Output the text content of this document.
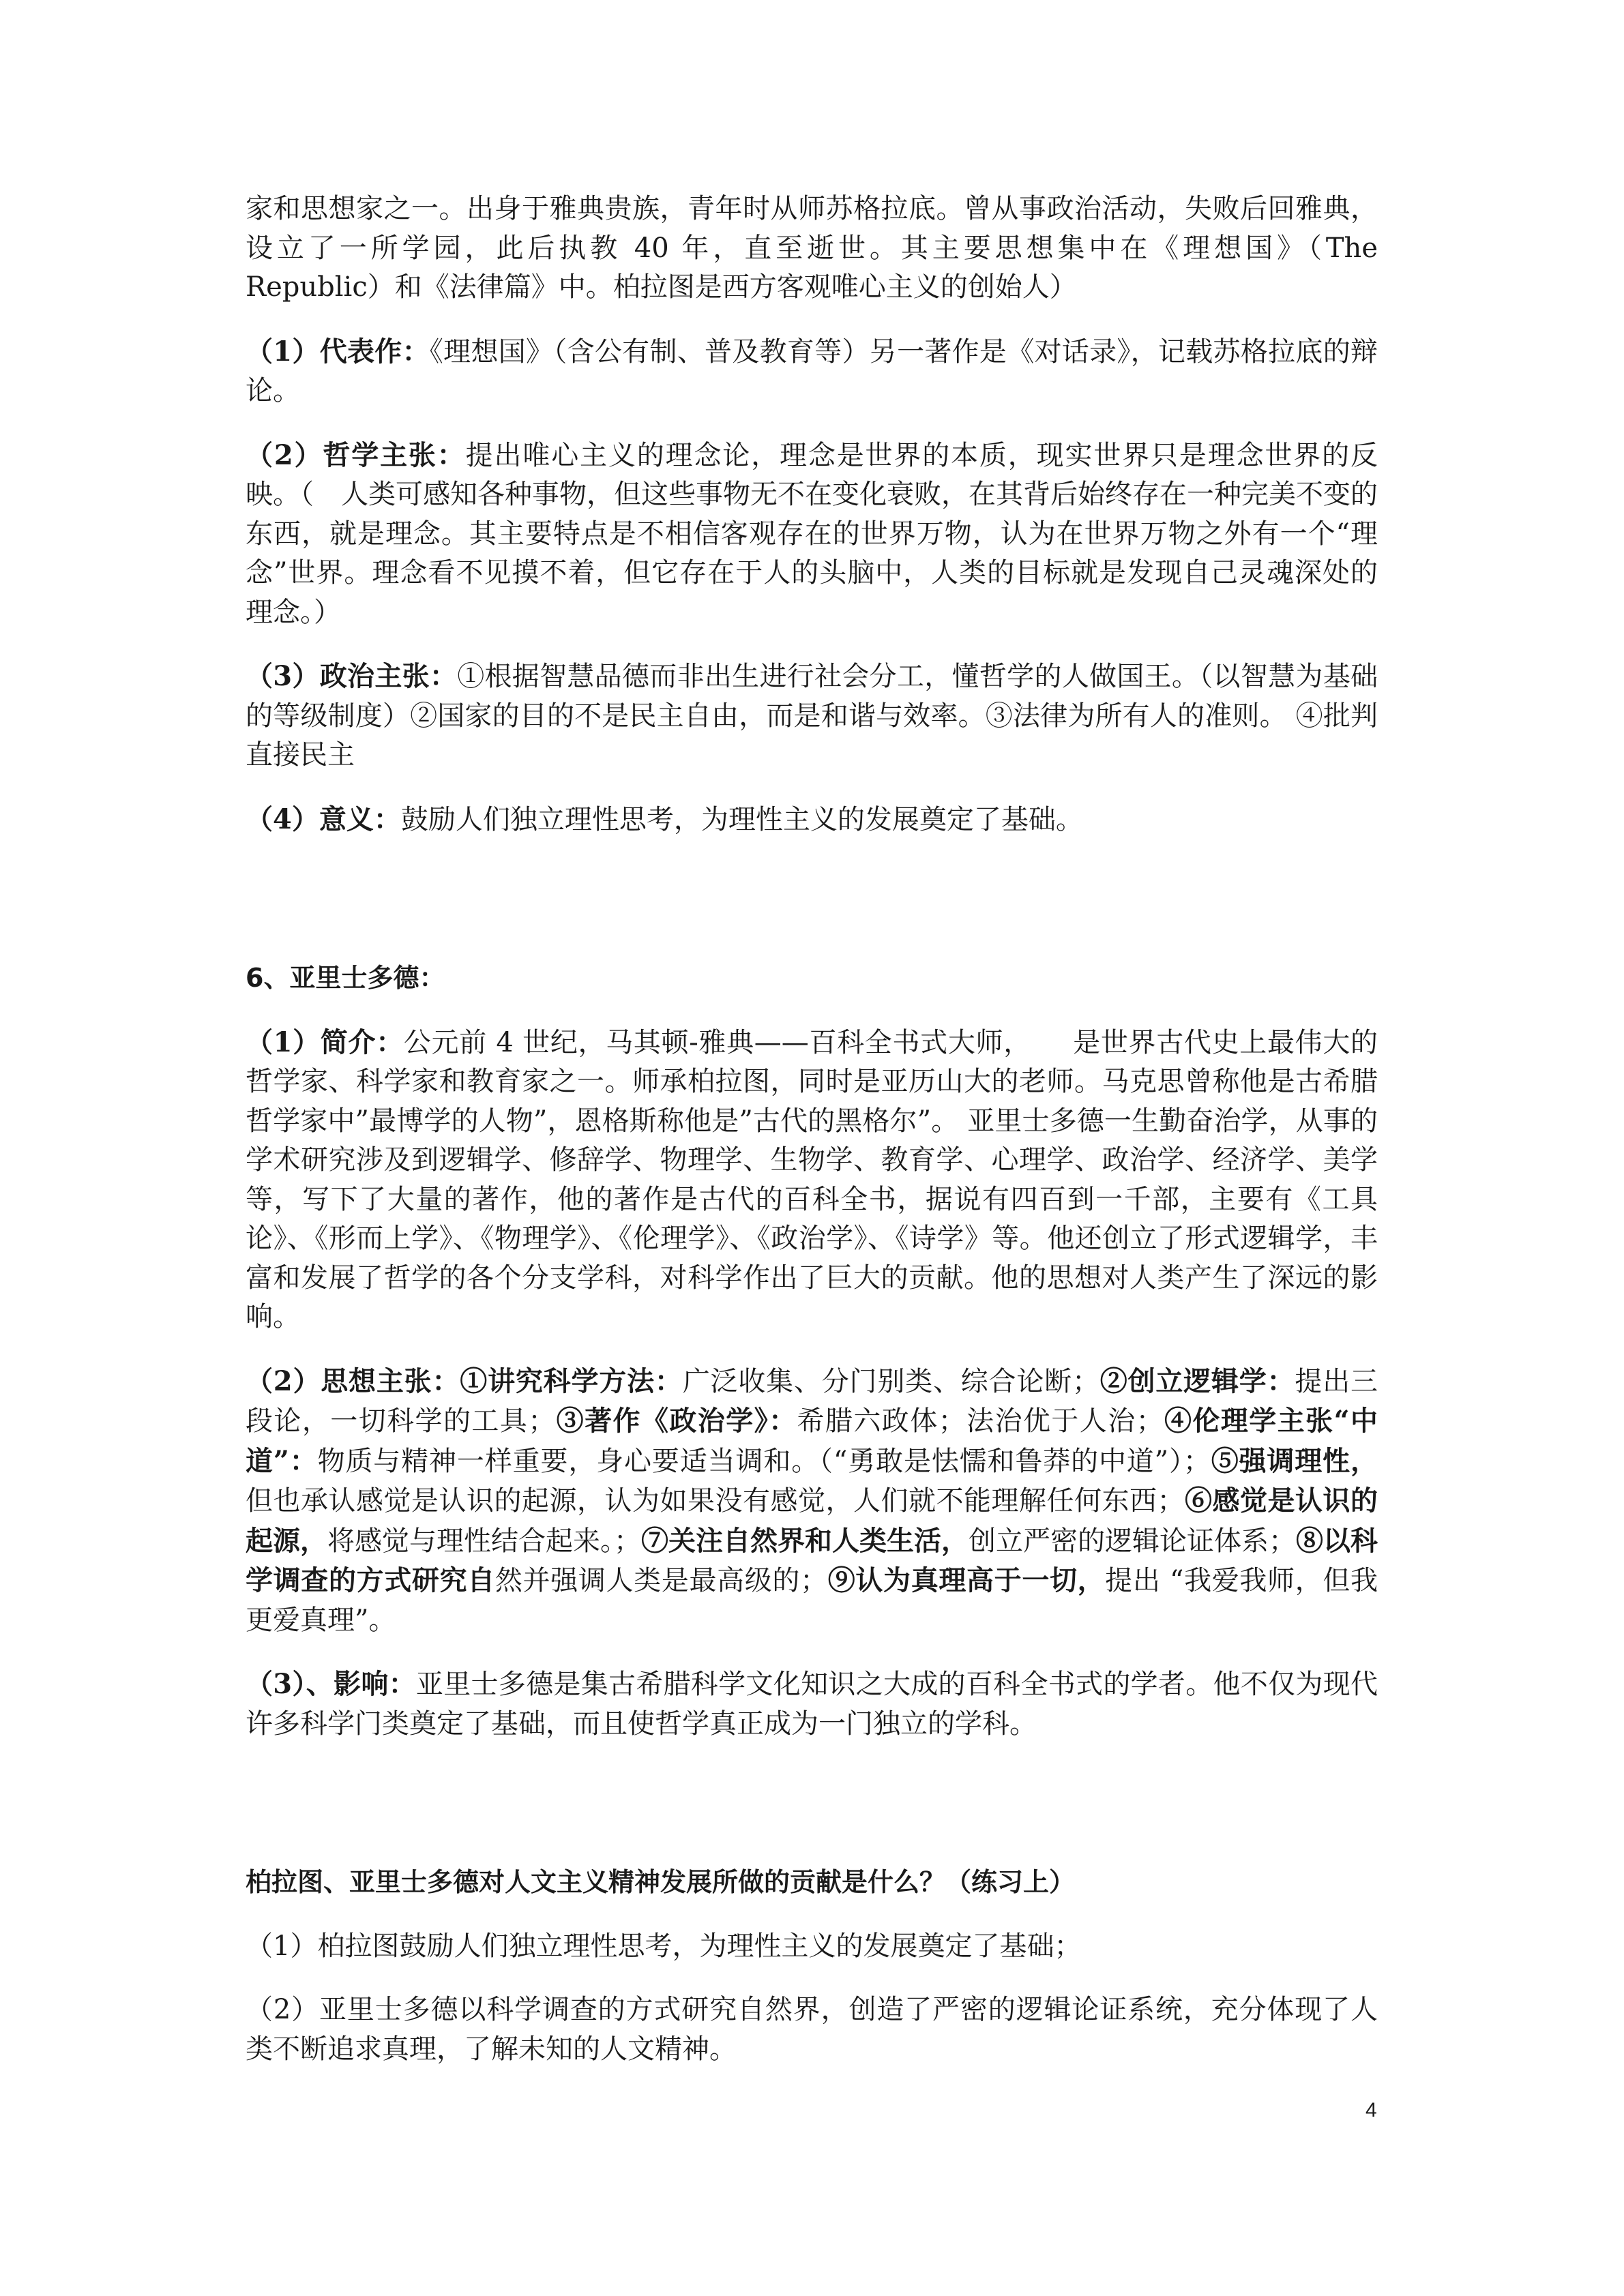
家和思想家之一。出身于雅典贵族，青年时从师苏格拉底。曾从事政治活动，失败后回雅典，设立了一所学园，此后执教 40 年，直至逝世。其主要思想集中在《理想国》（The Republic）和《法律篇》中。柏拉图是西方客观唯心主义的创始人）

（1）代表作：《理想国》（含公有制、普及教育等）另一著作是《对话录》，记载苏格拉底的辩论。

（2）哲学主张：提出唯心主义的理念论，理念是世界的本质，现实世界只是理念世界的反映。（　人类可感知各种事物，但这些事物无不在变化衰败，在其背后始终存在一种完美不变的东西，就是理念。其主要特点是不相信客观存在的世界万物，认为在世界万物之外有一个“理念”世界。理念看不见摸不着，但它存在于人的头脑中，人类的目标就是发现自己灵魂深处的理念。）

（3）政治主张：①根据智慧品德而非出生进行社会分工，懂哲学的人做国王。（以智慧为基础的等级制度）②国家的目的不是民主自由，而是和谐与效率。③法律为所有人的准则。 ④批判直接民主

（4）意义：鼓励人们独立理性思考，为理性主义的发展奠定了基础。

6、亚里士多德：

（1）简介：公元前 4 世纪，马其顿-雅典——百科全书式大师，　　是世界古代史上最伟大的哲学家、科学家和教育家之一。师承柏拉图，同时是亚历山大的老师。马克思曾称他是古希腊哲学家中”最博学的人物”，恩格斯称他是”古代的黑格尔”。 亚里士多德一生勤奋治学，从事的学术研究涉及到逻辑学、修辞学、物理学、生物学、教育学、心理学、政治学、经济学、美学等，写下了大量的著作，他的著作是古代的百科全书，据说有四百到一千部，主要有《工具论》、《形而上学》、《物理学》、《伦理学》、《政治学》、《诗学》等。他还创立了形式逻辑学，丰富和发展了哲学的各个分支学科，对科学作出了巨大的贡献。他的思想对人类产生了深远的影响。

（2）思想主张：①讲究科学方法：广泛收集、分门别类、综合论断；②创立逻辑学：提出三段论，一切科学的工具；③著作《政治学》：希腊六政体；法治优于人治；④伦理学主张“中道”：物质与精神一样重要，身心要适当调和。（“勇敢是怯懦和鲁莽的中道”）；⑤强调理性，但也承认感觉是认识的起源，认为如果没有感觉，人们就不能理解任何东西；⑥感觉是认识的起源，将感觉与理性结合起来。；⑦关注自然界和人类生活，创立严密的逻辑论证体系；⑧以科学调查的方式研究自然并强调人类是最高级的；⑨认为真理高于一切，提出 “我爱我师，但我更爱真理”。

（3）、影响：亚里士多德是集古希腊科学文化知识之大成的百科全书式的学者。他不仅为现代许多科学门类奠定了基础，而且使哲学真正成为一门独立的学科。

柏拉图、亚里士多德对人文主义精神发展所做的贡献是什么？（练习上）

（1）柏拉图鼓励人们独立理性思考，为理性主义的发展奠定了基础；

（2）亚里士多德以科学调查的方式研究自然界，创造了严密的逻辑论证系统，充分体现了人类不断追求真理，了解未知的人文精神。

4
